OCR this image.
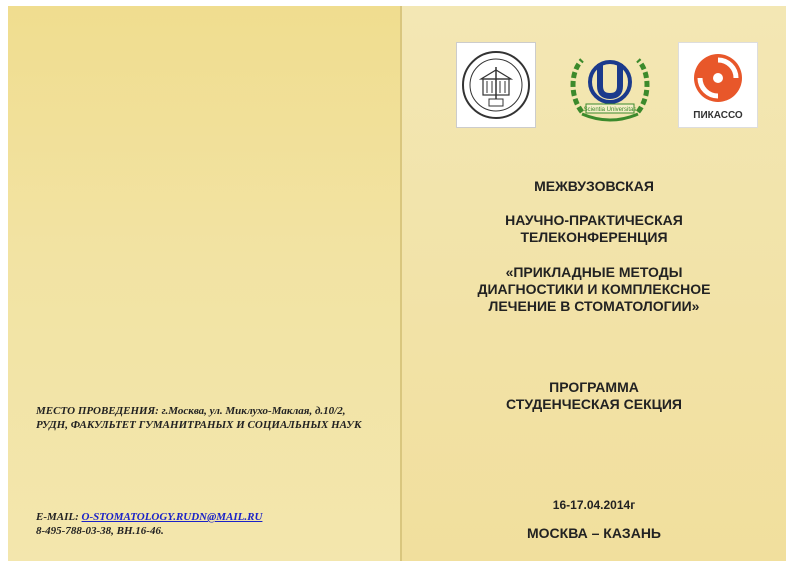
МЕСТО ПРОВЕДЕНИЯ: г.Москва, ул. Миклухо-Маклая, д.10/2,
РУДН, ФАКУЛЬТЕТ ГУМАНИТРАНЫХ И СОЦИАЛЬНЫХ НАУК
E-MAIL: O-STOMATOLOGY.RUDN@MAIL.RU
8-495-788-03-38, ВН.16-46.
Scientia Universitas	ПИКАССО
МЕЖВУЗОВСКАЯ
НАУЧНО-ПРАКТИЧЕСКАЯ
ТЕЛЕКОНФЕРЕНЦИЯ
«ПРИКЛАДНЫЕ МЕТОДЫ
ДИАГНОСТИКИ И КОМПЛЕКСНОЕ
ЛЕЧЕНИЕ В СТОМАТОЛОГИИ»
ПРОГРАММА
СТУДЕНЧЕСКАЯ СЕКЦИЯ
16-17.04.2014г
МОСКВА – КАЗАНЬ
